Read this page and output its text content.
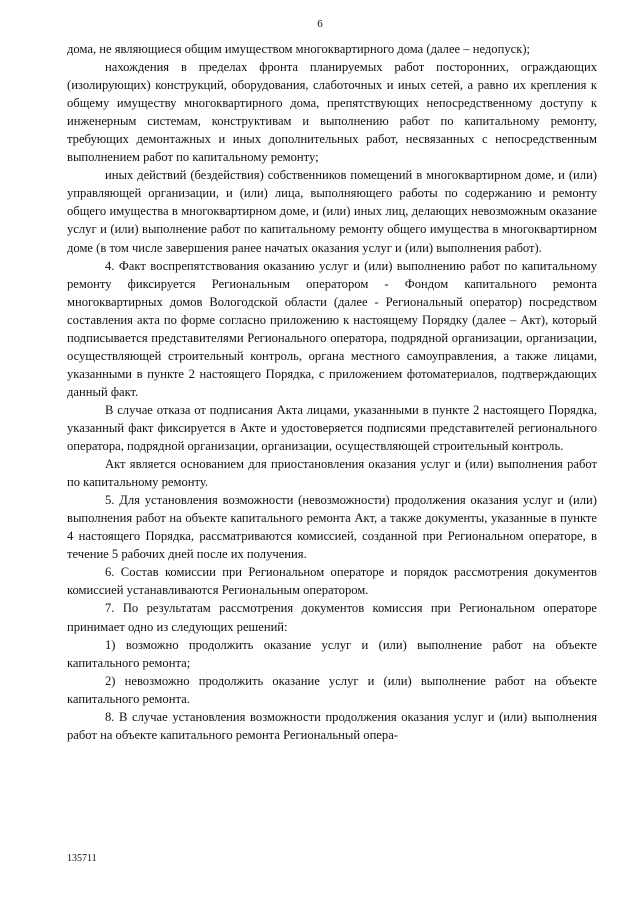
6

дома, не являющиеся общим имуществом многоквартирного дома (далее – недопуск);

нахождения в пределах фронта планируемых работ посторонних, ограждающих (изолирующих) конструкций, оборудования, слаботочных и иных сетей, а равно их крепления к общему имуществу многоквартирного дома, препятствующих непосредственному доступу к инженерным системам, конструктивам и выполнению работ по капитальному ремонту, требующих демонтажных и иных дополнительных работ, несвязанных с непосредственным выполнением работ по капитальному ремонту;

иных действий (бездействия) собственников помещений в многоквартирном доме, и (или) управляющей организации, и (или) лица, выполняющего работы по содержанию и ремонту общего имущества в многоквартирном доме, и (или) иных лиц, делающих невозможным оказание услуг и (или) выполнение работ по капитальному ремонту общего имущества в многоквартирном доме (в том числе завершения ранее начатых оказания услуг и (или) выполнения работ).

4. Факт воспрепятствования оказанию услуг и (или) выполнению работ по капитальному ремонту фиксируется Региональным оператором - Фондом капитального ремонта многоквартирных домов Вологодской области (далее - Региональный оператор) посредством составления акта по форме согласно приложению к настоящему Порядку (далее – Акт), который подписывается представителями Регионального оператора, подрядной организации, организации, осуществляющей строительный контроль, органа местного самоуправления, а также лицами, указанными в пункте 2 настоящего Порядка, с приложением фотоматериалов, подтверждающих данный факт.

В случае отказа от подписания Акта лицами, указанными в пункте 2 настоящего Порядка, указанный факт фиксируется в Акте и удостоверяется подписями представителей регионального оператора, подрядной организации, организации, осуществляющей строительный контроль.

Акт является основанием для приостановления оказания услуг и (или) выполнения работ по капитальному ремонту.

5. Для установления возможности (невозможности) продолжения оказания услуг и (или) выполнения работ на объекте капитального ремонта Акт, а также документы, указанные в пункте 4 настоящего Порядка, рассматриваются комиссией, созданной при Региональном операторе, в течение 5 рабочих дней после их получения.

6. Состав комиссии при Региональном операторе и порядок рассмотрения документов комиссией устанавливаются Региональным оператором.

7. По результатам рассмотрения документов комиссия при Региональном операторе принимает одно из следующих решений:

1) возможно продолжить оказание услуг и (или) выполнение работ на объекте капитального ремонта;

2) невозможно продолжить оказание услуг и (или) выполнение работ на объекте капитального ремонта.

8. В случае установления возможности продолжения оказания услуг и (или) выполнения работ на объекте капитального ремонта Региональный опера-

135711
